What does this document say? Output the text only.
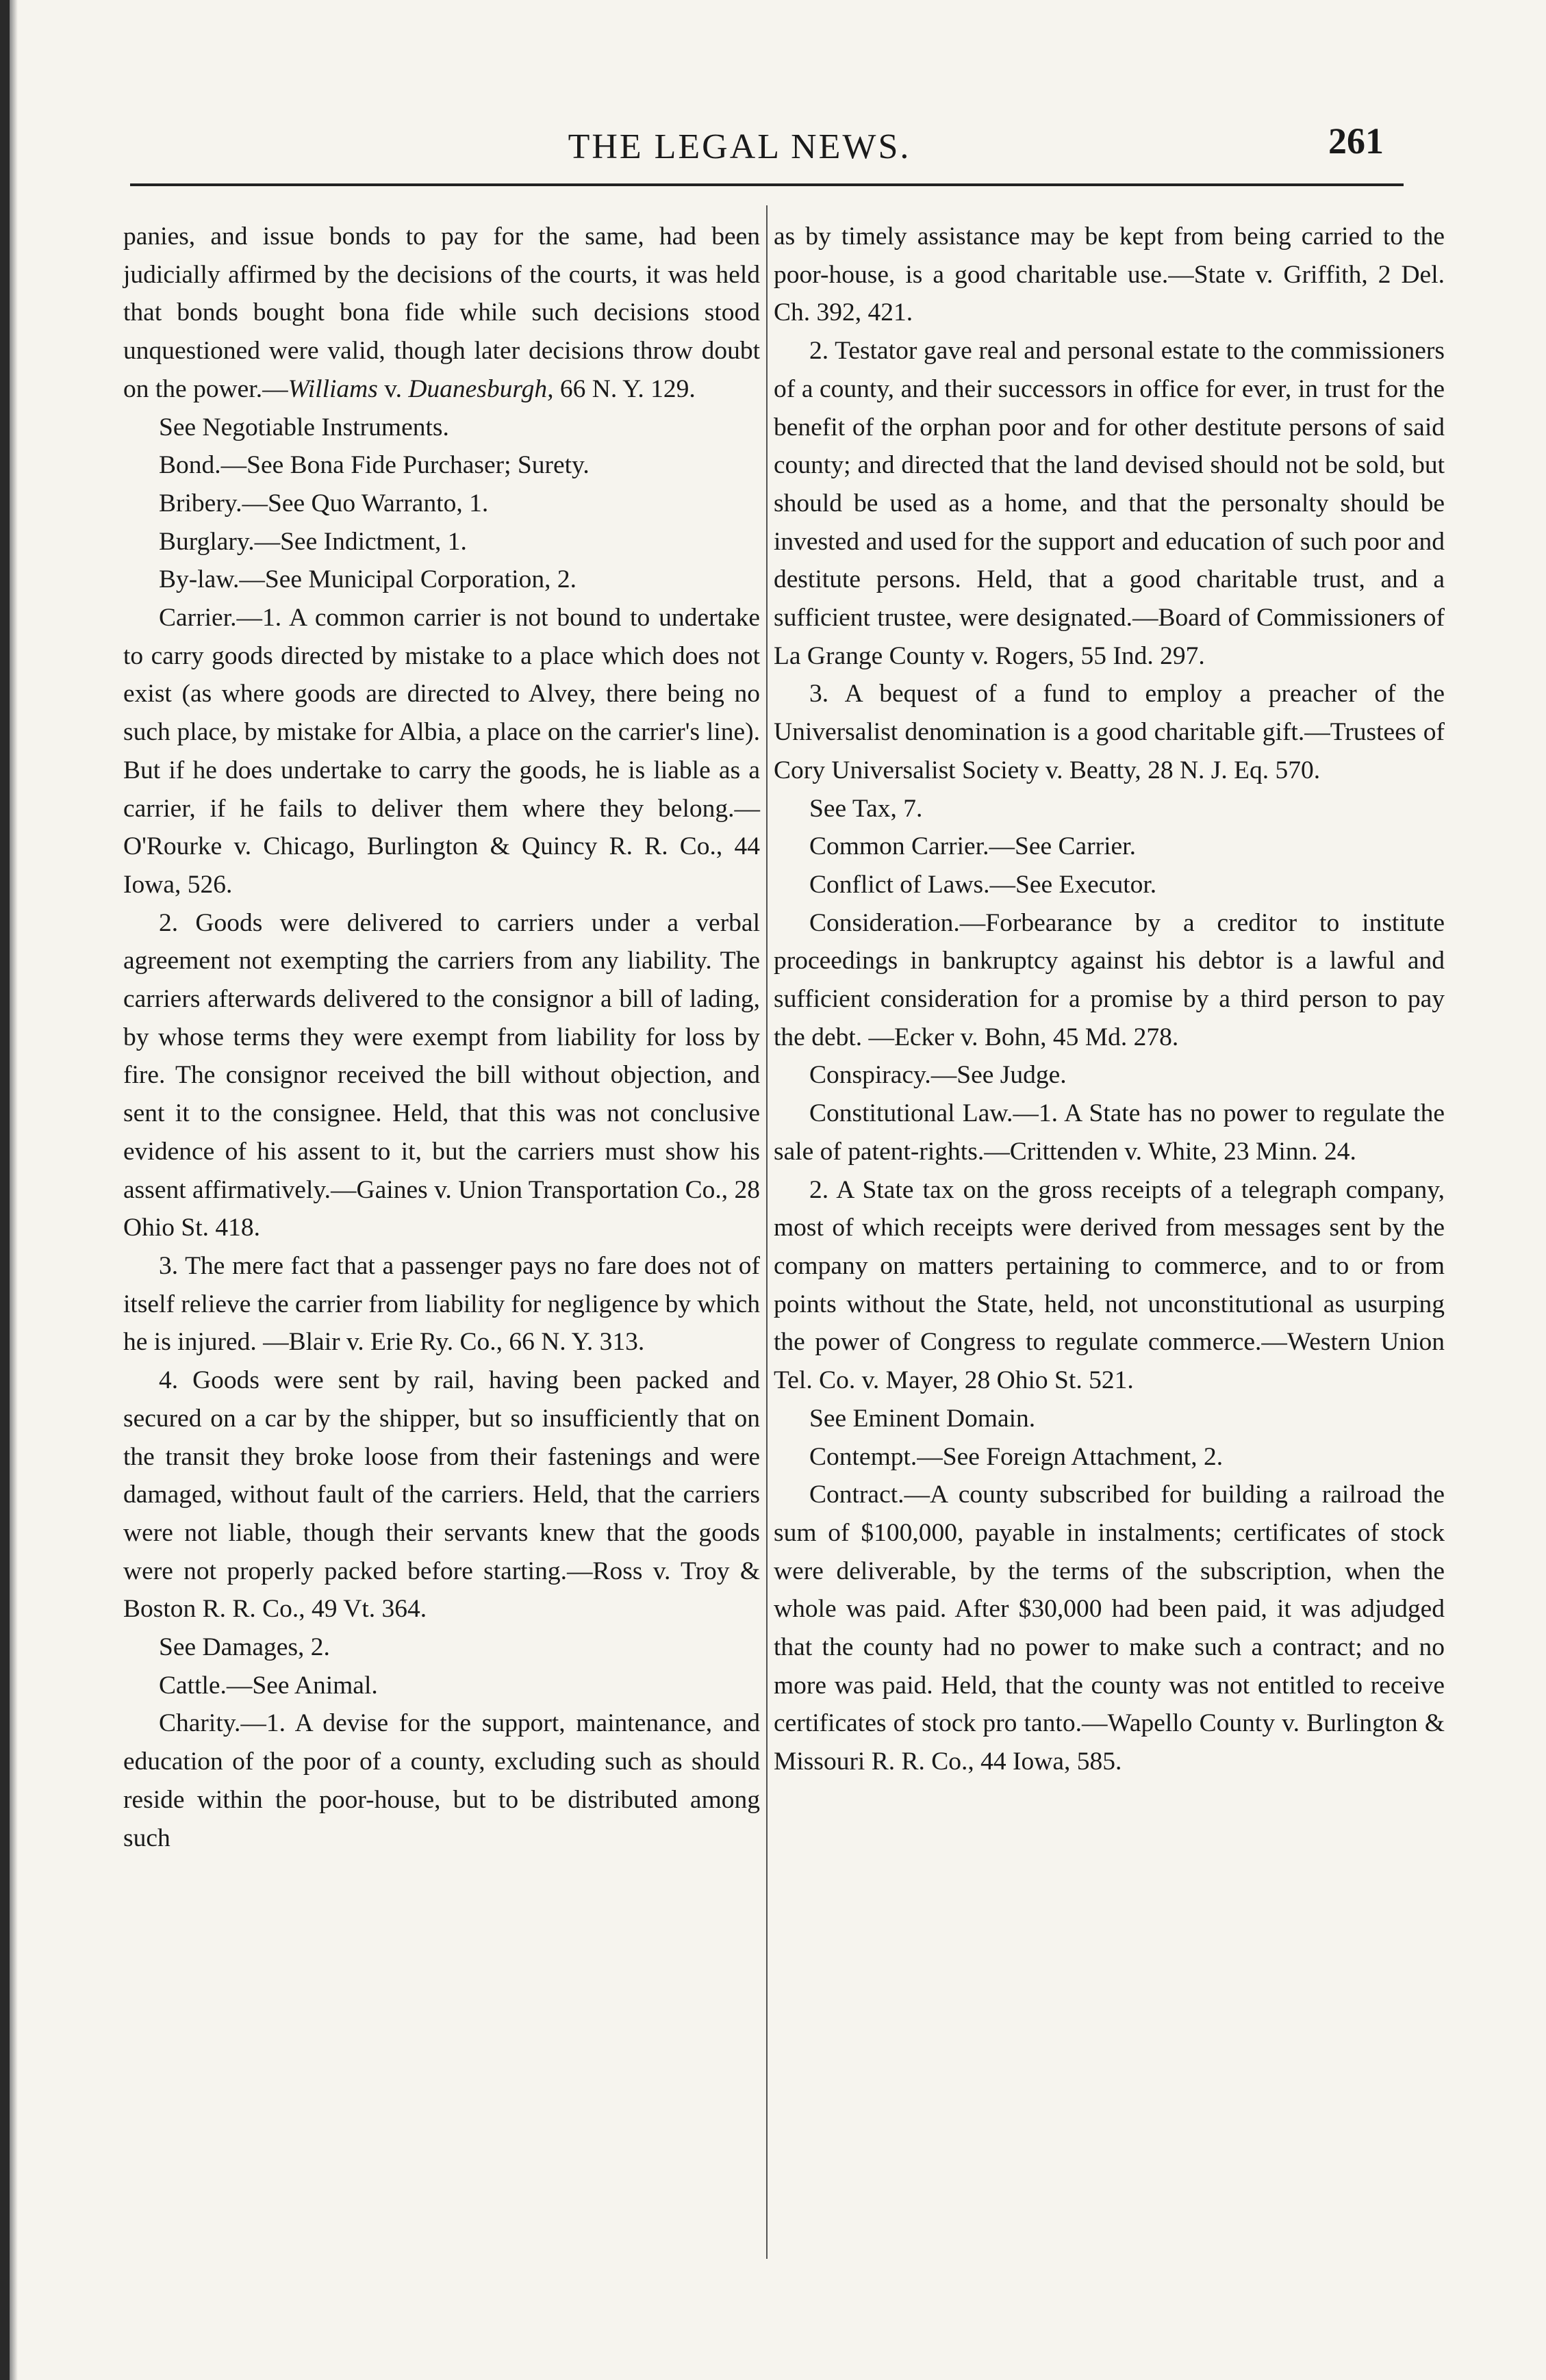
THE LEGAL NEWS.	261

panies, and issue bonds to pay for the same, had been judicially affirmed by the decisions of the courts, it was held that bonds bought bona fide while such decisions stood unquestioned were valid, though later decisions throw doubt on the power.—Williams v. Duanesburgh, 66 N. Y. 129.

See Negotiable Instruments.

Bond.—See Bona Fide Purchaser; Surety.

Bribery.—See Quo Warranto, 1.

Burglary.—See Indictment, 1.

By-law.—See Municipal Corporation, 2.

Carrier.—1. A common carrier is not bound to undertake to carry goods directed by mistake to a place which does not exist (as where goods are directed to Alvey, there being no such place, by mistake for Albia, a place on the carrier's line). But if he does undertake to carry the goods, he is liable as a carrier, if he fails to deliver them where they belong.—O'Rourke v. Chicago, Burlington & Quincy R. R. Co., 44 Iowa, 526.

2. Goods were delivered to carriers under a verbal agreement not exempting the carriers from any liability. The carriers afterwards delivered to the consignor a bill of lading, by whose terms they were exempt from liability for loss by fire. The consignor received the bill without objection, and sent it to the consignee. Held, that this was not conclusive evidence of his assent to it, but the carriers must show his assent affirmatively.—Gaines v. Union Transportation Co., 28 Ohio St. 418.

3. The mere fact that a passenger pays no fare does not of itself relieve the carrier from liability for negligence by which he is injured. —Blair v. Erie Ry. Co., 66 N. Y. 313.

4. Goods were sent by rail, having been packed and secured on a car by the shipper, but so insufficiently that on the transit they broke loose from their fastenings and were damaged, without fault of the carriers. Held, that the carriers were not liable, though their servants knew that the goods were not properly packed before starting.—Ross v. Troy & Boston R. R. Co., 49 Vt. 364.

See Damages, 2.

Cattle.—See Animal.

Charity.—1. A devise for the support, maintenance, and education of the poor of a county, excluding such as should reside within the poor-house, but to be distributed among such

as by timely assistance may be kept from being carried to the poor-house, is a good charitable use.—State v. Griffith, 2 Del. Ch. 392, 421.

2. Testator gave real and personal estate to the commissioners of a county, and their successors in office for ever, in trust for the benefit of the orphan poor and for other destitute persons of said county; and directed that the land devised should not be sold, but should be used as a home, and that the personalty should be invested and used for the support and education of such poor and destitute persons. Held, that a good charitable trust, and a sufficient trustee, were designated.—Board of Commissioners of La Grange County v. Rogers, 55 Ind. 297.

3. A bequest of a fund to employ a preacher of the Universalist denomination is a good charitable gift.—Trustees of Cory Universalist Society v. Beatty, 28 N. J. Eq. 570.

See Tax, 7.

Common Carrier.—See Carrier.

Conflict of Laws.—See Executor.

Consideration.—Forbearance by a creditor to institute proceedings in bankruptcy against his debtor is a lawful and sufficient consideration for a promise by a third person to pay the debt. —Ecker v. Bohn, 45 Md. 278.

Conspiracy.—See Judge.

Constitutional Law.—1. A State has no power to regulate the sale of patent-rights.—Crittenden v. White, 23 Minn. 24.

2. A State tax on the gross receipts of a telegraph company, most of which receipts were derived from messages sent by the company on matters pertaining to commerce, and to or from points without the State, held, not unconstitutional as usurping the power of Congress to regulate commerce.—Western Union Tel. Co. v. Mayer, 28 Ohio St. 521.

See Eminent Domain.

Contempt.—See Foreign Attachment, 2.

Contract.—A county subscribed for building a railroad the sum of $100,000, payable in instalments; certificates of stock were deliverable, by the terms of the subscription, when the whole was paid. After $30,000 had been paid, it was adjudged that the county had no power to make such a contract; and no more was paid. Held, that the county was not entitled to receive certificates of stock pro tanto.—Wapello County v. Burlington & Missouri R. R. Co., 44 Iowa, 585.
